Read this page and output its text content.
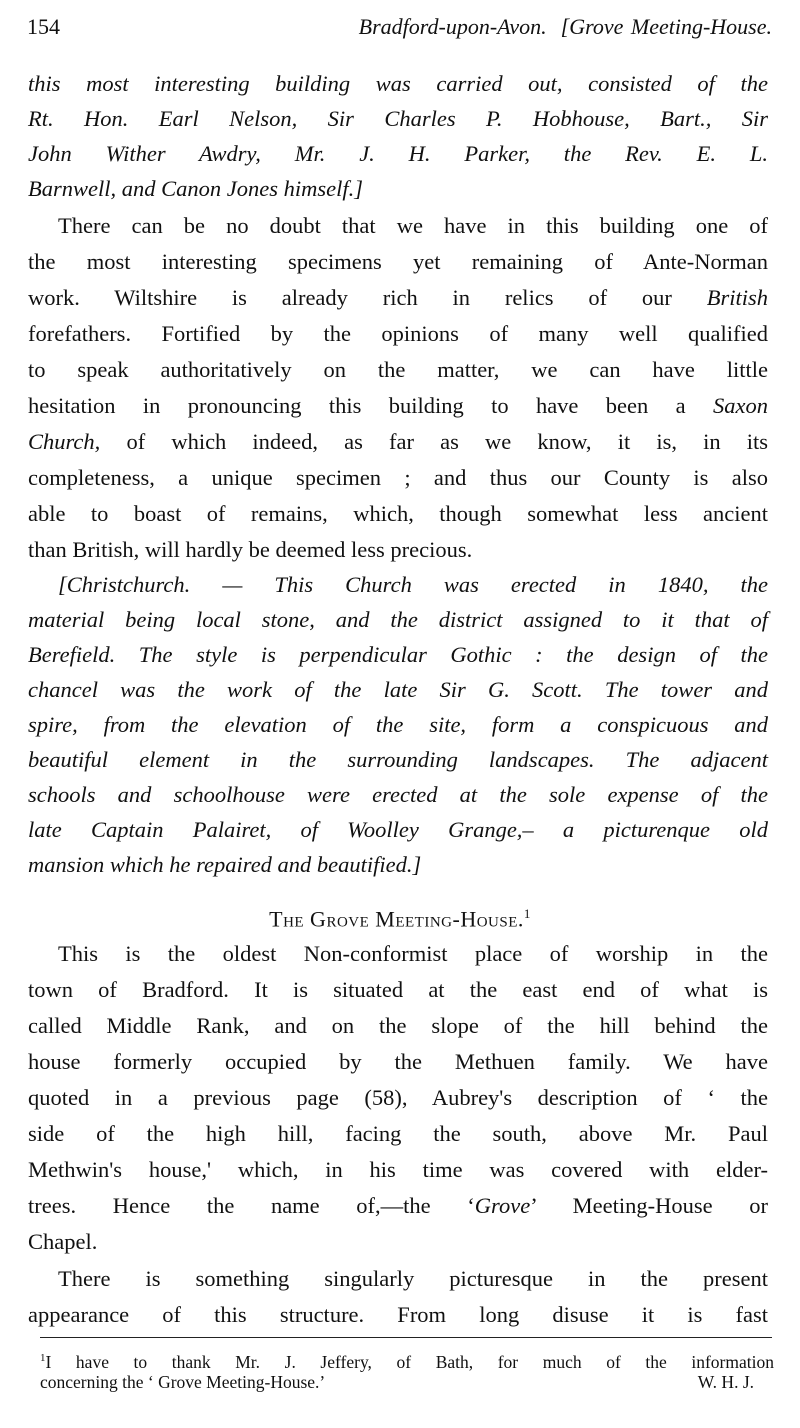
154	Bradford-upon-Avon. [Grove Meeting-House.
this most interesting building was carried out, consisted of the
Rt. Hon. Earl Nelson, Sir Charles P. Hobhouse, Bart., Sir
John Wither Awdry, Mr. J. H. Parker, the Rev. E. L.
Barnwell, and Canon Jones himself.]
There can be no doubt that we have in this building one of
the most interesting specimens yet remaining of Ante-Norman
work. Wiltshire is already rich in relics of our British
forefathers. Fortified by the opinions of many well qualified
to speak authoritatively on the matter, we can have little
hesitation in pronouncing this building to have been a Saxon
Church, of which indeed, as far as we know, it is, in its
completeness, a unique specimen ; and thus our County is also
able to boast of remains, which, though somewhat less ancient
than British, will hardly be deemed less precious.
[Christchurch. — This Church was erected in 1840, the
material being local stone, and the district assigned to it that of
Berefield. The style is perpendicular Gothic : the design of the
chancel was the work of the late Sir G. Scott. The tower and
spire, from the elevation of the site, form a conspicuous and
beautiful element in the surrounding landscapes. The adjacent
schools and schoolhouse were erected at the sole expense of the
late Captain Palairet, of Woolley Grange,– a picturenque old
mansion which he repaired and beautified.]
The Grove Meeting-House.$^1$
This is the oldest Non-conformist place of worship in the
town of Bradford. It is situated at the east end of what is
called Middle Rank, and on the slope of the hill behind the
house formerly occupied by the Methuen family. We have
quoted in a previous page (58), Aubrey's description of ‘ the
side of the high hill, facing the south, above Mr. Paul
Methwin's house,' which, in his time was covered with elder-
trees. Hence the name of,—the ‘Grove’ Meeting-House or
Chapel.
There is something singularly picturesque in the present
appearance of this structure. From long disuse it is fast
$^1$I have to thank Mr. J. Jeffery, of Bath, for much of the information
concerning the ‘ Grove Meeting-House.’	W. H. J.
